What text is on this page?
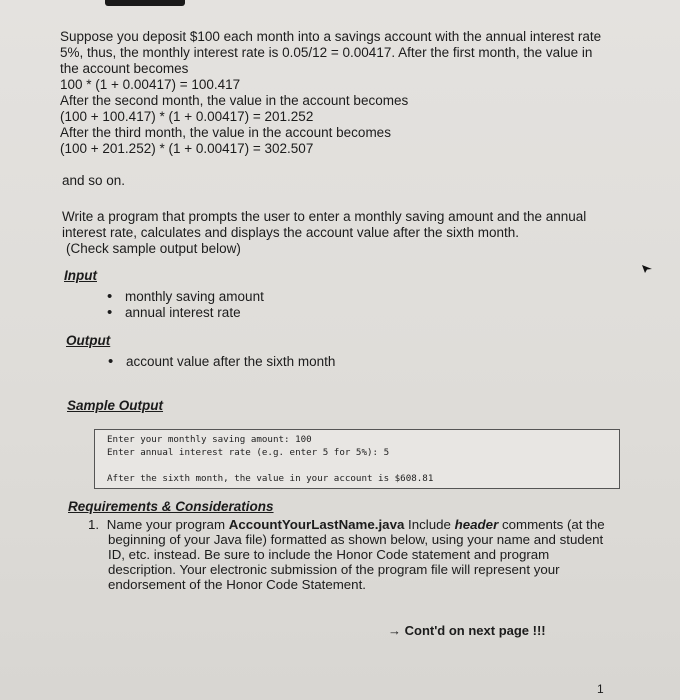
Suppose you deposit $100 each month into a savings account with the annual interest rate
5%, thus, the monthly interest rate is 0.05/12 = 0.00417. After the first month, the value in
the account becomes
100 * (1 + 0.00417) = 100.417
After the second month, the value in the account becomes
(100 + 100.417) * (1 + 0.00417) = 201.252
After the third month, the value in the account becomes
(100 + 201.252) * (1 + 0.00417) = 302.507
and so on.
Write a program that prompts the user to enter a monthly saving amount and the annual
interest rate, calculates and displays the account value after the sixth month.
(Check sample output below)
Input
• monthly saving amount
• annual interest rate
Output
• account value after the sixth month
Sample Output
Enter your monthly saving amount: 100
Enter annual interest rate (e.g. enter 5 for 5%): 5
After the sixth month, the value in your account is $608.81
Requirements & Considerations
1. Name your program AccountYourLastName.java Include header comments (at the
beginning of your Java file) formatted as shown below, using your name and student
ID, etc. instead. Be sure to include the Honor Code statement and program
description. Your electronic submission of the program file will represent your
endorsement of the Honor Code Statement.
→ Cont'd on next page !!!
1
